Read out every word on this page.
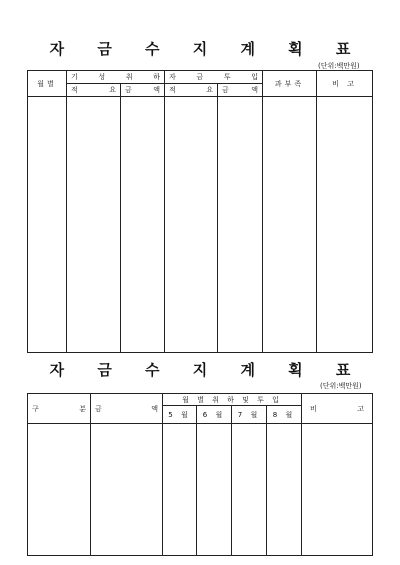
자 금 수 지 계 획 표
(단위:백만원)
월별	기 성 취 하		자 금 투 입		과부족	비 고

	적 요	금 액	적 요	금 액		

자 금 수 지 계 획 표
(단위:백만원)
구 분	금 액	월 별 취 하 및 투 입				비 고

		5 월	6 월	7 월	8 월	
